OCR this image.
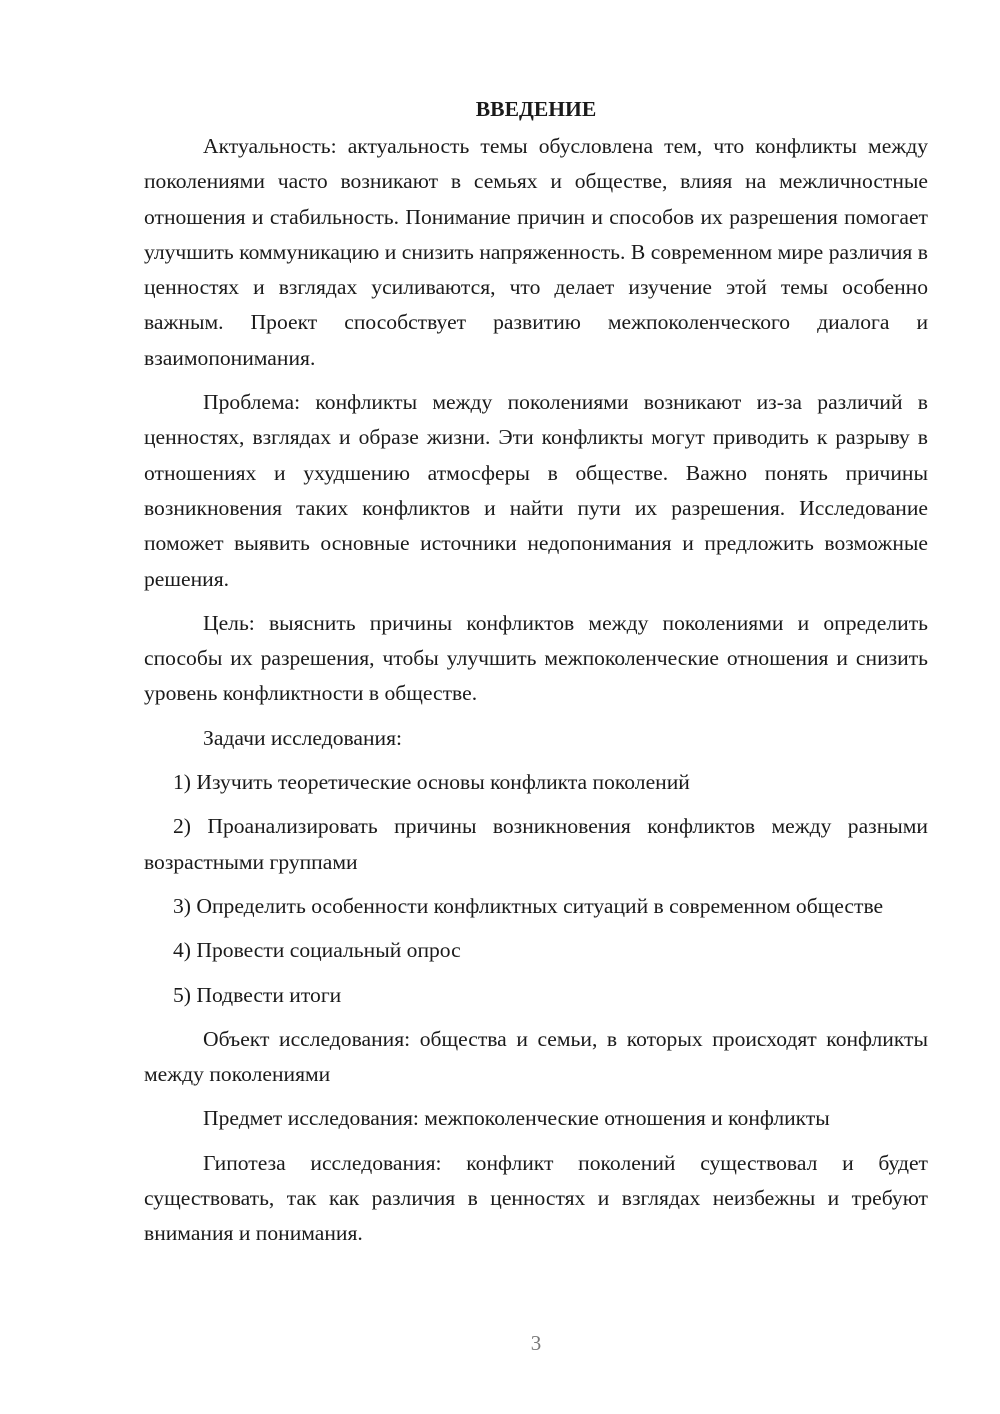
ВВЕДЕНИЕ

Актуальность: актуальность темы обусловлена тем, что конфликты между поколениями часто возникают в семьях и обществе, влияя на межличностные отношения и стабильность. Понимание причин и способов их разрешения помогает улучшить коммуникацию и снизить напряженность. В современном мире различия в ценностях и взглядах усиливаются, что делает изучение этой темы особенно важным. Проект способствует развитию межпоколенческого диалога и взаимопонимания.

Проблема: конфликты между поколениями возникают из-за различий в ценностях, взглядах и образе жизни. Эти конфликты могут приводить к разрыву в отношениях и ухудшению атмосферы в обществе. Важно понять причины возникновения таких конфликтов и найти пути их разрешения. Исследование поможет выявить основные источники недопонимания и предложить возможные решения.

Цель: выяснить причины конфликтов между поколениями и определить способы их разрешения, чтобы улучшить межпоколенческие отношения и снизить уровень конфликтности в обществе.

Задачи исследования:

1) Изучить теоретические основы конфликта поколений

2) Проанализировать причины возникновения конфликтов между разными возрастными группами

3) Определить особенности конфликтных ситуаций в современном обществе

4) Провести социальный опрос

5) Подвести итоги

Объект исследования: общества и семьи, в которых происходят конфликты между поколениями

Предмет исследования: межпоколенческие отношения и конфликты

Гипотеза исследования: конфликт поколений существовал и будет существовать, так как различия в ценностях и взглядах неизбежны и требуют внимания и понимания.

3
